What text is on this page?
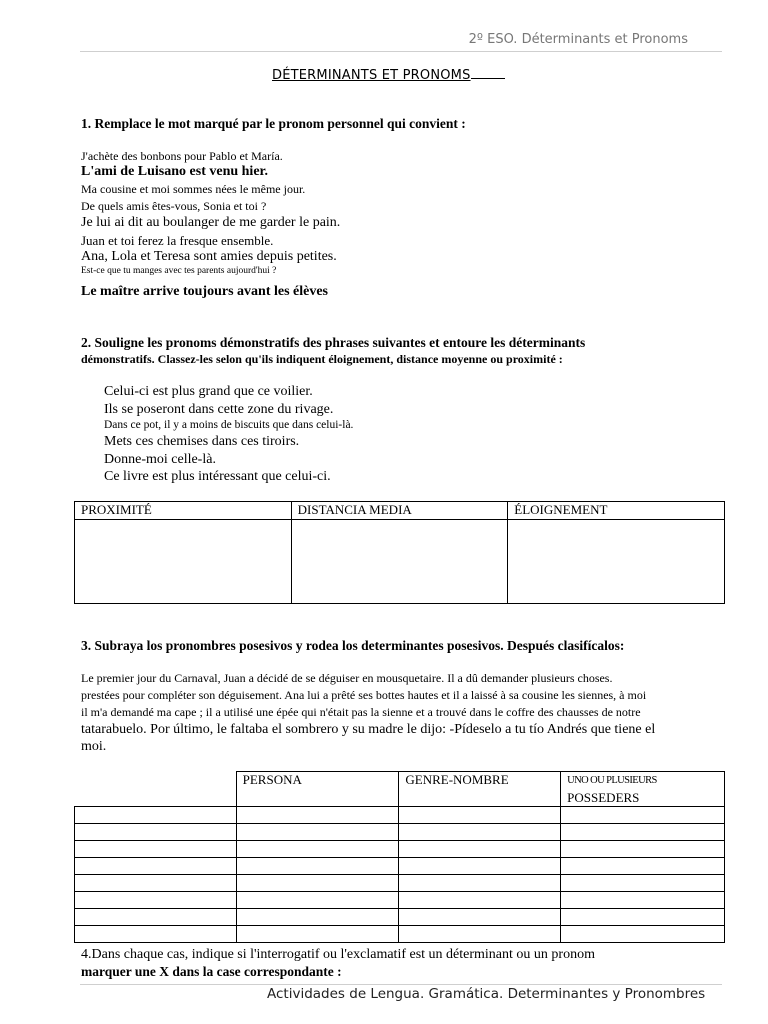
2º ESO. Déterminants et Pronoms
DÉTERMINANTS ET PRONOMS
1. Remplace le mot marqué par le pronom personnel qui convient :
J'achète des bonbons pour Pablo et María.
L'ami de Luisano est venu hier.
Ma cousine et moi sommes nées le même jour.
De quels amis êtes-vous, Sonia et toi ?
Je lui ai dit au boulanger de me garder le pain.
Juan et toi ferez la fresque ensemble.
Ana, Lola et Teresa sont amies depuis petites.
Est-ce que tu manges avec tes parents aujourd'hui ?
Le maître arrive toujours avant les élèves
2. Souligne les pronoms démonstratifs des phrases suivantes et entoure les déterminants
démonstratifs. Classez-les selon qu'ils indiquent éloignement, distance moyenne ou proximité :
Celui-ci est plus grand que ce voilier.
Ils se poseront dans cette zone du rivage.
Dans ce pot, il y a moins de biscuits que dans celui-là.
Mets ces chemises dans ces tiroirs.
Donne-moi celle-là.
Ce livre est plus intéressant que celui-ci.
PROXIMITÉ	DISTANCIA MEDIA	ÉLOIGNEMENT

3. Subraya los pronombres posesivos y rodea los determinantes posesivos. Después clasifícalos:
Le premier jour du Carnaval, Juan a décidé de se déguiser en mousquetaire. Il a dû demander plusieurs choses.
prestées pour compléter son déguisement. Ana lui a prêté ses bottes hautes et il a laissé à sa cousine les siennes, à moi
il m'a demandé ma cape ; il a utilisé une épée qui n'était pas la sienne et a trouvé dans le coffre des chausses de notre
tatarabuelo. Por último, le faltaba el sombrero y su madre le dijo: -Pídeselo a tu tío Andrés que tiene el
moi.
	PERSONA	GENRE-NOMBRE	UNO OU PLUSIEURS
POSSEDERS

4.Dans chaque cas, indique si l'interrogatif ou l'exclamatif est un déterminant ou un pronom
marquer une X dans la case correspondante :
Actividades de Lengua. Gramática. Determinantes y Pronombres
